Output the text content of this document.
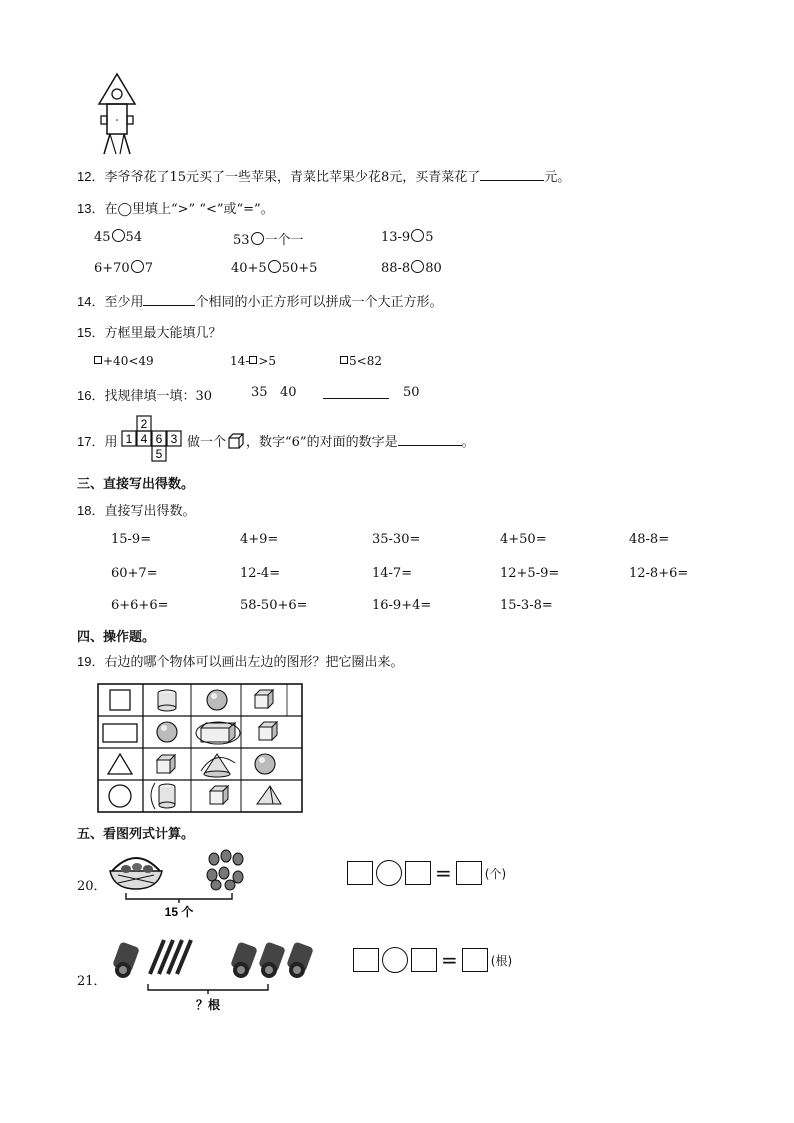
12．李爷爷花了15元买了一些苹果，青菜比苹果少花8元，买青菜花了	元。
13．在◯里填上“>” “<”或“=”。
45 54	53 一个一	13-9 5
6+70 7	40+5 50+5	88-8 80
14．至少用	个相同的小正方形可以拼成一个大正方形。
15．方框里最大能填几？
+40<49	14- >5	5<82
16．找规律填一填：30	35 40	50
17．用
2
1 4 6 3
5
做一个 ，数字“6”的对面的数字是	。
三、直接写出得数。
18．直接写出得数。
15-9=	4+9=	35-30=	4+50=	48-8=
60+7=	12-4=	14-7=	12+5-9=	12-8+6=
6+6+6=	58-50+6=	16-9+4=	15-3-8=
四、操作题。
19．右边的哪个物体可以画出左边的图形？把它圈出来。
五、看图列式计算。
20．
15 个
=	(个)
21．
？根
=	(根)
